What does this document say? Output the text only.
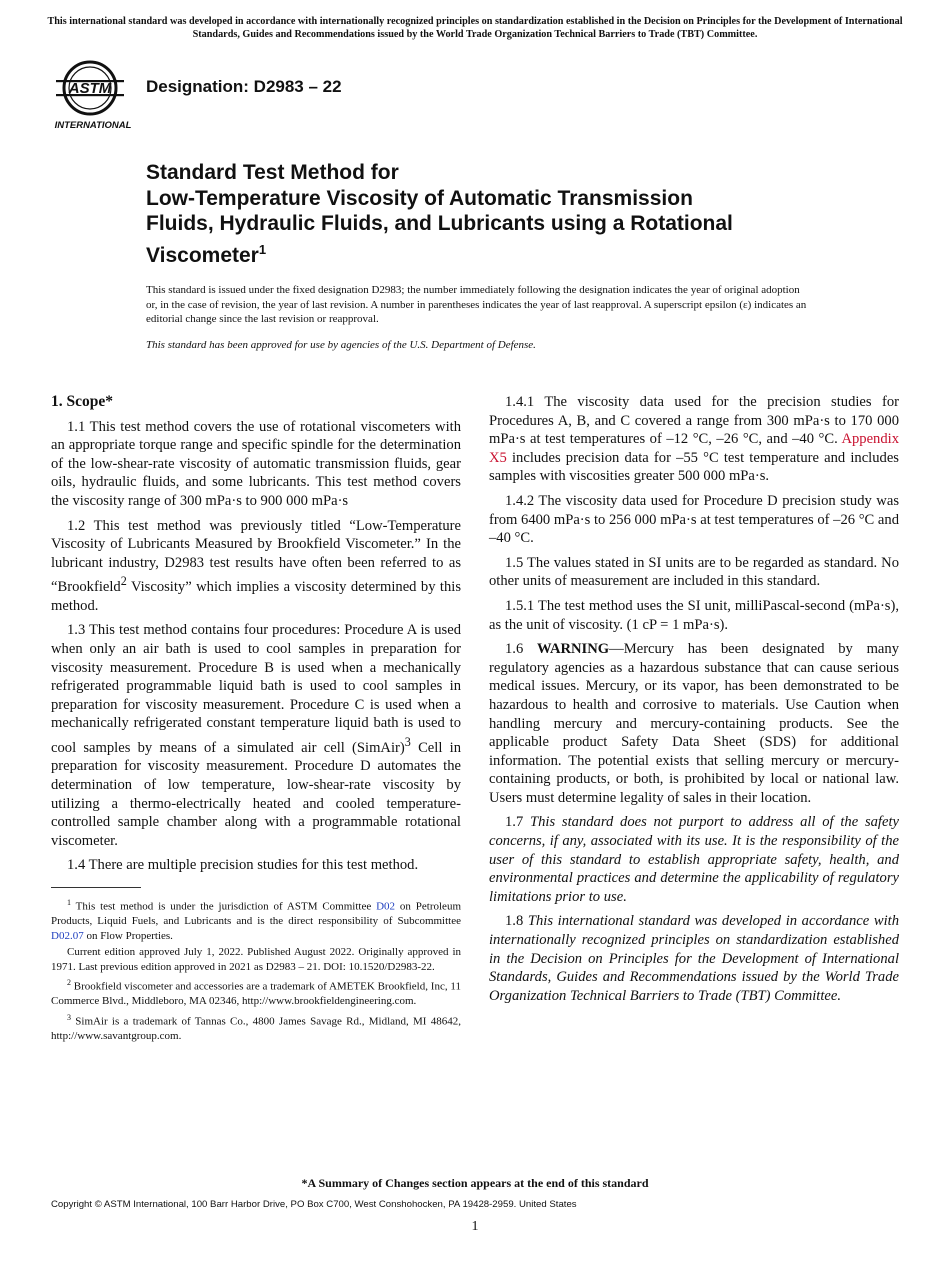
This international standard was developed in accordance with internationally recognized principles on standardization established in the Decision on Principles for the Development of International Standards, Guides and Recommendations issued by the World Trade Organization Technical Barriers to Trade (TBT) Committee.
ASTM
INTERNATIONAL
Designation: D2983 – 22
Standard Test Method for
Low-Temperature Viscosity of Automatic Transmission
Fluids, Hydraulic Fluids, and Lubricants using a Rotational
Viscometer$^1$

This standard is issued under the fixed designation D2983; the number immediately following the designation indicates the year of original adoption or, in the case of revision, the year of last revision. A number in parentheses indicates the year of last reapproval. A superscript epsilon (ε) indicates an editorial change since the last revision or reapproval.

This standard has been approved for use by agencies of the U.S. Department of Defense.

1. Scope*

1.1 This test method covers the use of rotational viscometers with an appropriate torque range and specific spindle for the determination of the low-shear-rate viscosity of automatic transmission fluids, gear oils, hydraulic fluids, and some lubricants. This test method covers the viscosity range of 300 mPa·s to 900 000 mPa·s

1.2 This test method was previously titled “Low-Temperature Viscosity of Lubricants Measured by Brookfield Viscometer.” In the lubricant industry, D2983 test results have often been referred to as “Brookfield$^2$ Viscosity” which implies a viscosity determined by this method.

1.3 This test method contains four procedures: Procedure A is used when only an air bath is used to cool samples in preparation for viscosity measurement. Procedure B is used when a mechanically refrigerated programmable liquid bath is used to cool samples in preparation for viscosity measurement. Procedure C is used when a mechanically refrigerated constant temperature liquid bath is used to cool samples by means of a simulated air cell (SimAir)$^3$ Cell in preparation for viscosity measurement. Procedure D automates the determination of low temperature, low-shear-rate viscosity by utilizing a thermo-electrically heated and cooled temperature-controlled sample chamber along with a programmable rotational viscometer.

1.4 There are multiple precision studies for this test method.

$^1$ This test method is under the jurisdiction of ASTM Committee D02 on Petroleum Products, Liquid Fuels, and Lubricants and is the direct responsibility of Subcommittee D02.07 on Flow Properties.

Current edition approved July 1, 2022. Published August 2022. Originally approved in 1971. Last previous edition approved in 2021 as D2983 – 21. DOI: 10.1520/D2983-22.

$^2$ Brookfield viscometer and accessories are a trademark of AMETEK Brookfield, Inc, 11 Commerce Blvd., Middleboro, MA 02346, http://www.brookfieldengineering.com.

$^3$ SimAir is a trademark of Tannas Co., 4800 James Savage Rd., Midland, MI 48642, http://www.savantgroup.com.

1.4.1 The viscosity data used for the precision studies for Procedures A, B, and C covered a range from 300 mPa·s to 170 000 mPa·s at test temperatures of –12 °C, –26 °C, and –40 °C. Appendix X5 includes precision data for –55 °C test temperature and includes samples with viscosities greater 500 000 mPa·s.

1.4.2 The viscosity data used for Procedure D precision study was from 6400 mPa·s to 256 000 mPa·s at test temperatures of –26 °C and –40 °C.

1.5 The values stated in SI units are to be regarded as standard. No other units of measurement are included in this standard.

1.5.1 The test method uses the SI unit, milliPascal-second (mPa·s), as the unit of viscosity. (1 cP = 1 mPa·s).

1.6 WARNING—Mercury has been designated by many regulatory agencies as a hazardous substance that can cause serious medical issues. Mercury, or its vapor, has been demonstrated to be hazardous to health and corrosive to materials. Use Caution when handling mercury and mercury-containing products. See the applicable product Safety Data Sheet (SDS) for additional information. The potential exists that selling mercury or mercury-containing products, or both, is prohibited by local or national law. Users must determine legality of sales in their location.

1.7 This standard does not purport to address all of the safety concerns, if any, associated with its use. It is the responsibility of the user of this standard to establish appropriate safety, health, and environmental practices and determine the applicability of regulatory limitations prior to use.

1.8 This international standard was developed in accordance with internationally recognized principles on standardization established in the Decision on Principles for the Development of International Standards, Guides and Recommendations issued by the World Trade Organization Technical Barriers to Trade (TBT) Committee.

*A Summary of Changes section appears at the end of this standard
Copyright © ASTM International, 100 Barr Harbor Drive, PO Box C700, West Conshohocken, PA 19428-2959. United States
1
